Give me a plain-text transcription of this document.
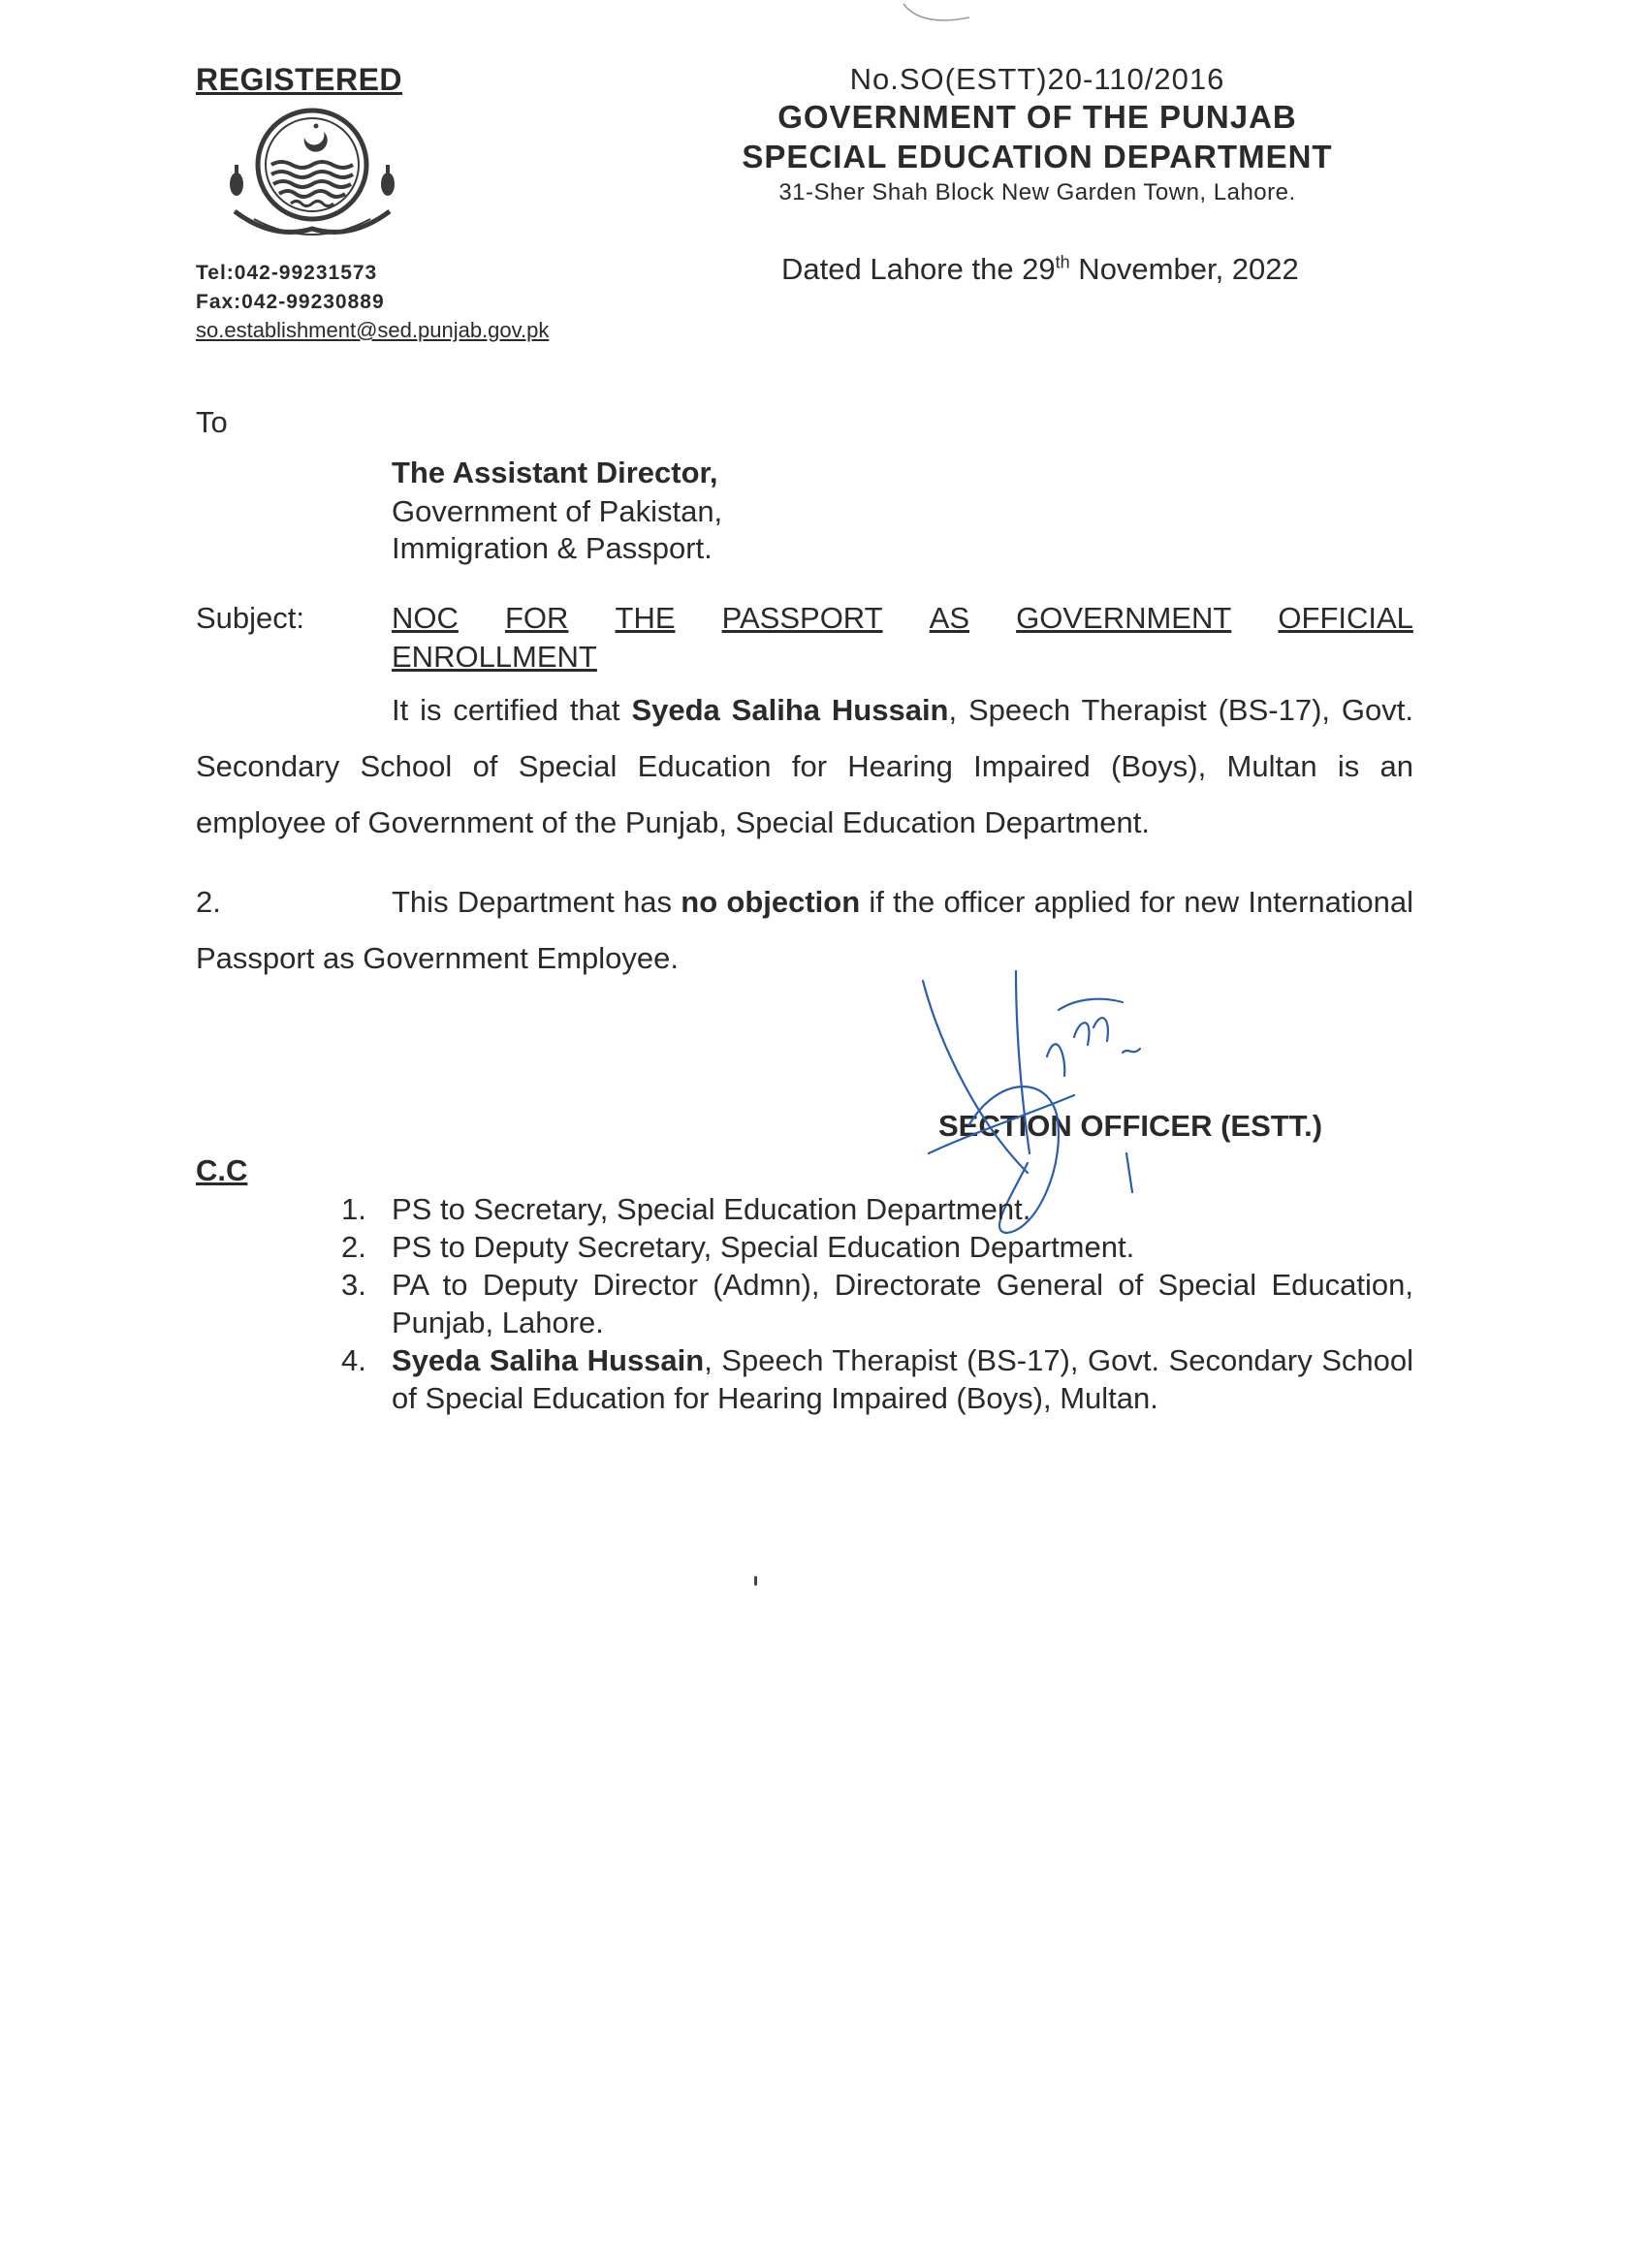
REGISTERED
Tel:042-99231573
Fax:042-99230889
so.establishment@sed.punjab.gov.pk
No.SO(ESTT)20-110/2016
GOVERNMENT OF THE PUNJAB
SPECIAL EDUCATION DEPARTMENT
31-Sher Shah Block New Garden Town, Lahore.
Dated Lahore the 29th November, 2022
To
The Assistant Director,
Government of Pakistan,
Immigration & Passport.
Subject:	NOC FOR THE PASSPORT AS GOVERNMENT OFFICIAL
ENROLLMENT
It is certified that Syeda Saliha Hussain, Speech Therapist (BS-17), Govt. Secondary School of Special Education for Hearing Impaired (Boys), Multan is an employee of Government of the Punjab, Special Education Department.
2.	This Department has no objection if the officer applied for new International Passport as Government Employee.
SECTION OFFICER (ESTT.)
C.C
1. PS to Secretary, Special Education Department.
2. PS to Deputy Secretary, Special Education Department.
3. PA to Deputy Director (Admn), Directorate General of Special Education, Punjab, Lahore.
4. Syeda Saliha Hussain, Speech Therapist (BS-17), Govt. Secondary School of Special Education for Hearing Impaired (Boys), Multan.
